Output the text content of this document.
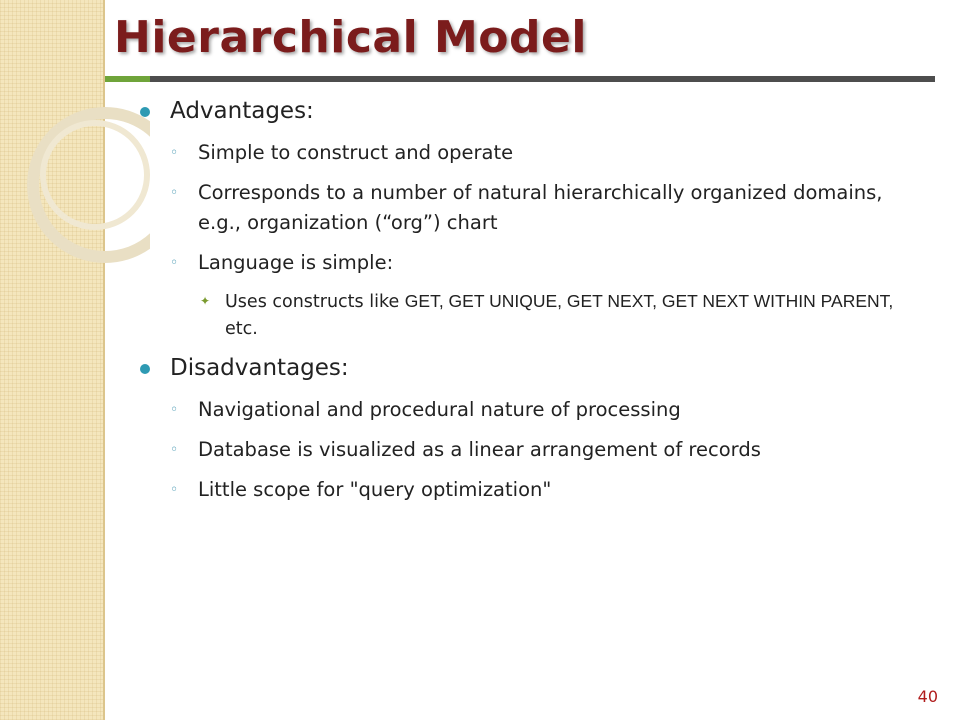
Hierarchical Model
Advantages:
◦ Simple to construct and operate
◦ Corresponds to a number of natural hierarchically organized domains, e.g., organization (“org”) chart
◦ Language is simple:
✦ Uses constructs like GET, GET UNIQUE, GET NEXT, GET NEXT WITHIN PARENT, etc.
Disadvantages:
◦ Navigational and procedural nature of processing
◦ Database is visualized as a linear arrangement of records
◦ Little scope for "query optimization"
40
